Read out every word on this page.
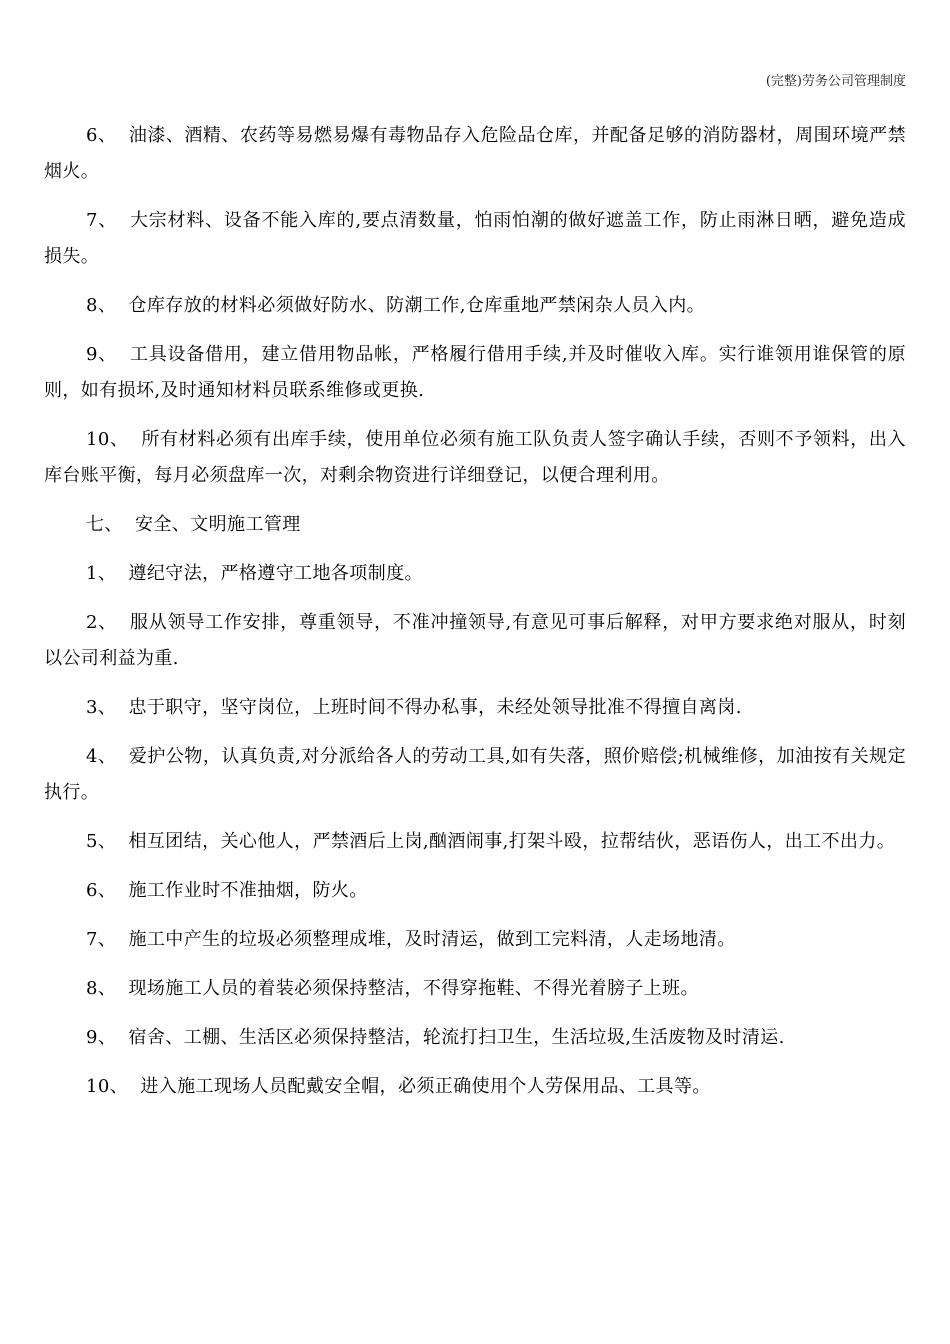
(完整)劳务公司管理制度

6、  油漆、酒精、农药等易燃易爆有毒物品存入危险品仓库，并配备足够的消防器材，周围环境严禁烟火。

7、  大宗材料、设备不能入库的,要点清数量，怕雨怕潮的做好遮盖工作，防止雨淋日晒，避免造成损失。

8、  仓库存放的材料必须做好防水、防潮工作,仓库重地严禁闲杂人员入内。

9、  工具设备借用，建立借用物品帐，严格履行借用手续,并及时催收入库。实行谁领用谁保管的原则，如有损坏,及时通知材料员联系维修或更换.

10、  所有材料必须有出库手续，使用单位必须有施工队负责人签字确认手续，否则不予领料，出入库台账平衡，每月必须盘库一次，对剩余物资进行详细登记，以便合理利用。

七、  安全、文明施工管理

1、  遵纪守法，严格遵守工地各项制度。

2、  服从领导工作安排，尊重领导，不准冲撞领导,有意见可事后解释，对甲方要求绝对服从，时刻以公司利益为重.

3、  忠于职守，坚守岗位，上班时间不得办私事，未经处领导批准不得擅自离岗.

4、  爱护公物，认真负责,对分派给各人的劳动工具,如有失落，照价赔偿;机械维修，加油按有关规定执行。

5、  相互团结，关心他人，严禁酒后上岗,酗酒闹事,打架斗殴，拉帮结伙，恶语伤人，出工不出力。

6、  施工作业时不准抽烟，防火。

7、  施工中产生的垃圾必须整理成堆，及时清运，做到工完料清，人走场地清。

8、  现场施工人员的着装必须保持整洁，不得穿拖鞋、不得光着膀子上班。

9、  宿舍、工棚、生活区必须保持整洁，轮流打扫卫生，生活垃圾,生活废物及时清运.

10、  进入施工现场人员配戴安全帽，必须正确使用个人劳保用品、工具等。
